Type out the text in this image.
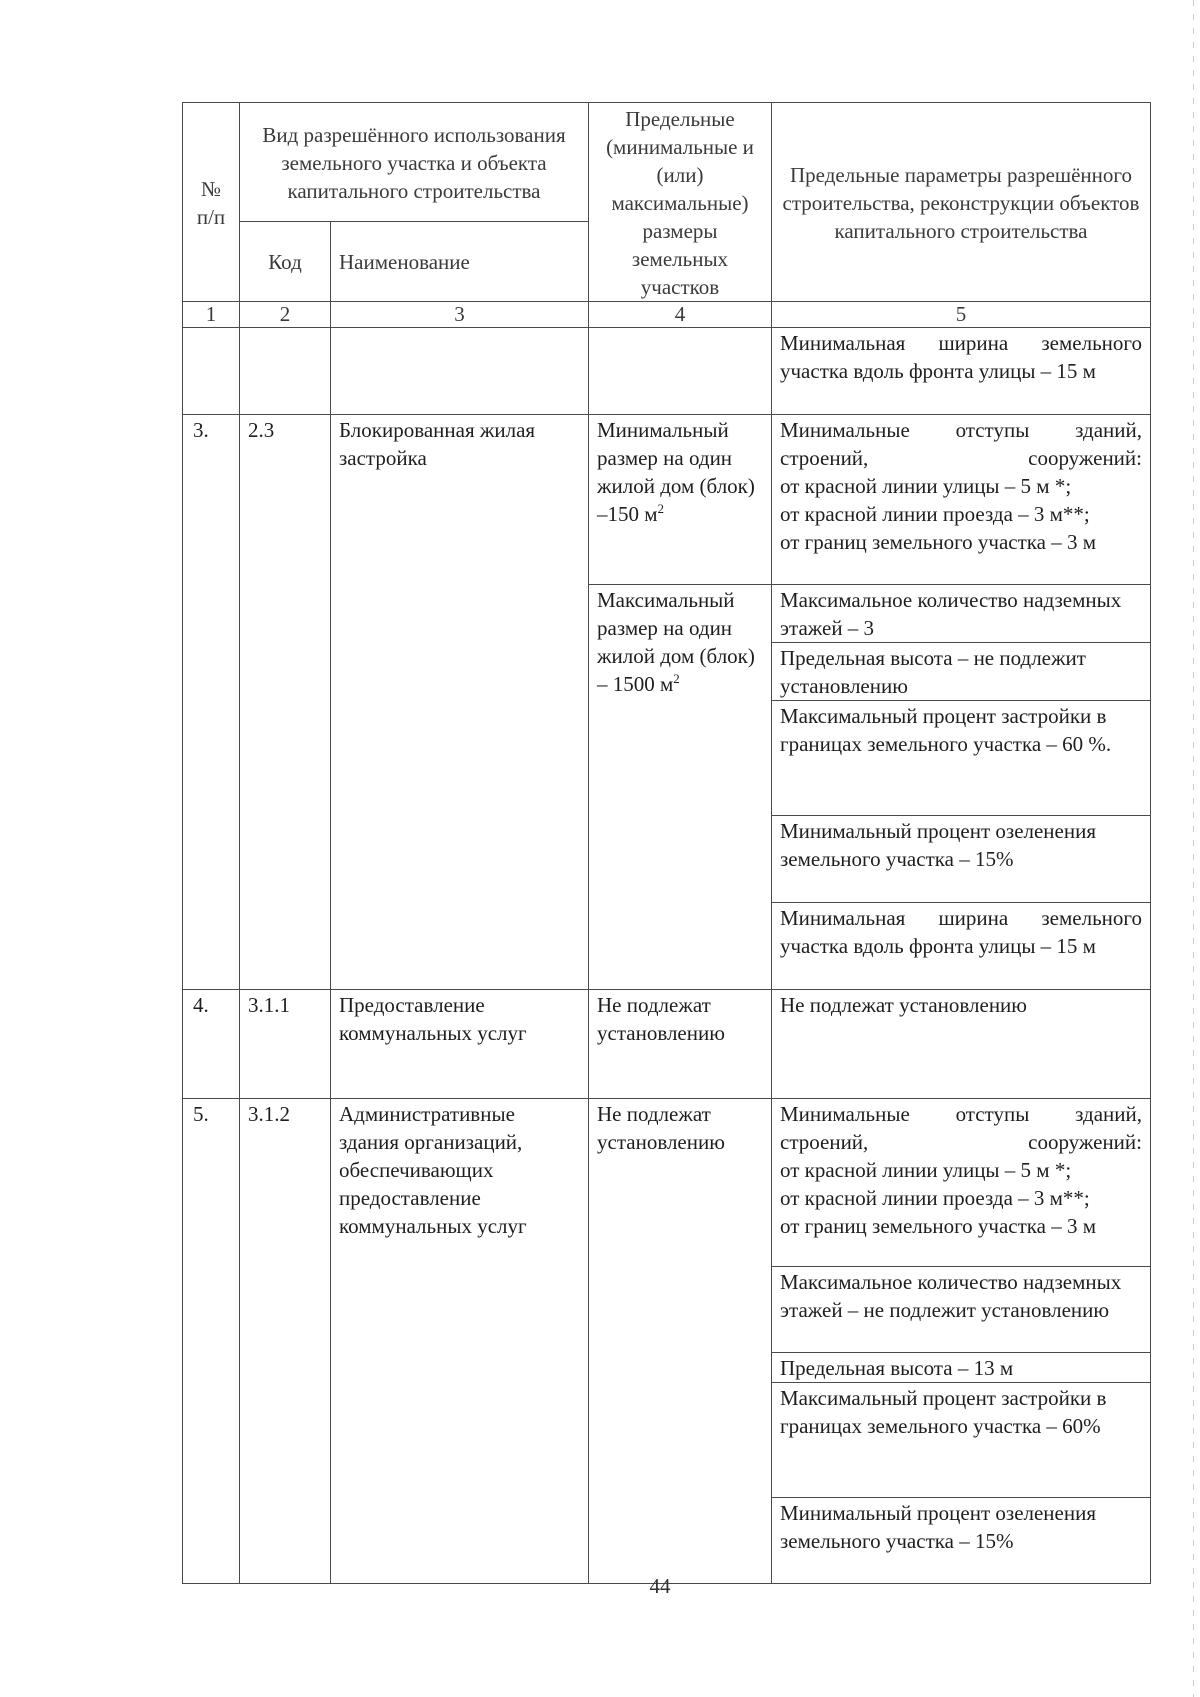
№ п/п	Вид разрешённого использования земельного участка и объекта капитального строительства		Предельные (минимальные и (или) максимальные) размеры земельных участков	Предельные параметры разрешённого строительства, реконструкции объектов капитального строительства
	Код	Наименование		
1	2	3	4	5
				Минимальная ширина земельного участка вдоль фронта улицы – 15 м
3.	2.3	Блокированная жилая застройка	Минимальный размер на один жилой дом (блок) –150 $м^2$	Минимальные отступы зданий, строений, сооружений:
от красной линии улицы – 5 м *;
от красной линии проезда – 3 м**;
от границ земельного участка – 3 м

			Максимальный размер на один жилой дом (блок) – 1500 $м^2$	Максимальное количество надземных этажей – 3
				Предельная высота – не подлежит установлению
				Максимальный процент застройки в границах земельного участка – 60 %.
				Минимальный процент озеленения земельного участка – 15%
				Минимальная ширина земельного участка вдоль фронта улицы – 15 м
4.	3.1.1	Предоставление коммунальных услуг	Не подлежат установлению	Не подлежат установлению
5.	3.1.2	Административные здания организаций, обеспечивающих предоставление коммунальных услуг	Не подлежат установлению	Минимальные отступы зданий, строений, сооружений:
от красной линии улицы – 5 м *;
от красной линии проезда – 3 м**;
от границ земельного участка – 3 м

				Максимальное количество надземных этажей – не подлежит установлению
				Предельная высота – 13 м
				Максимальный процент застройки в границах земельного участка – 60%
				Минимальный процент озеленения земельного участка – 15%
44
